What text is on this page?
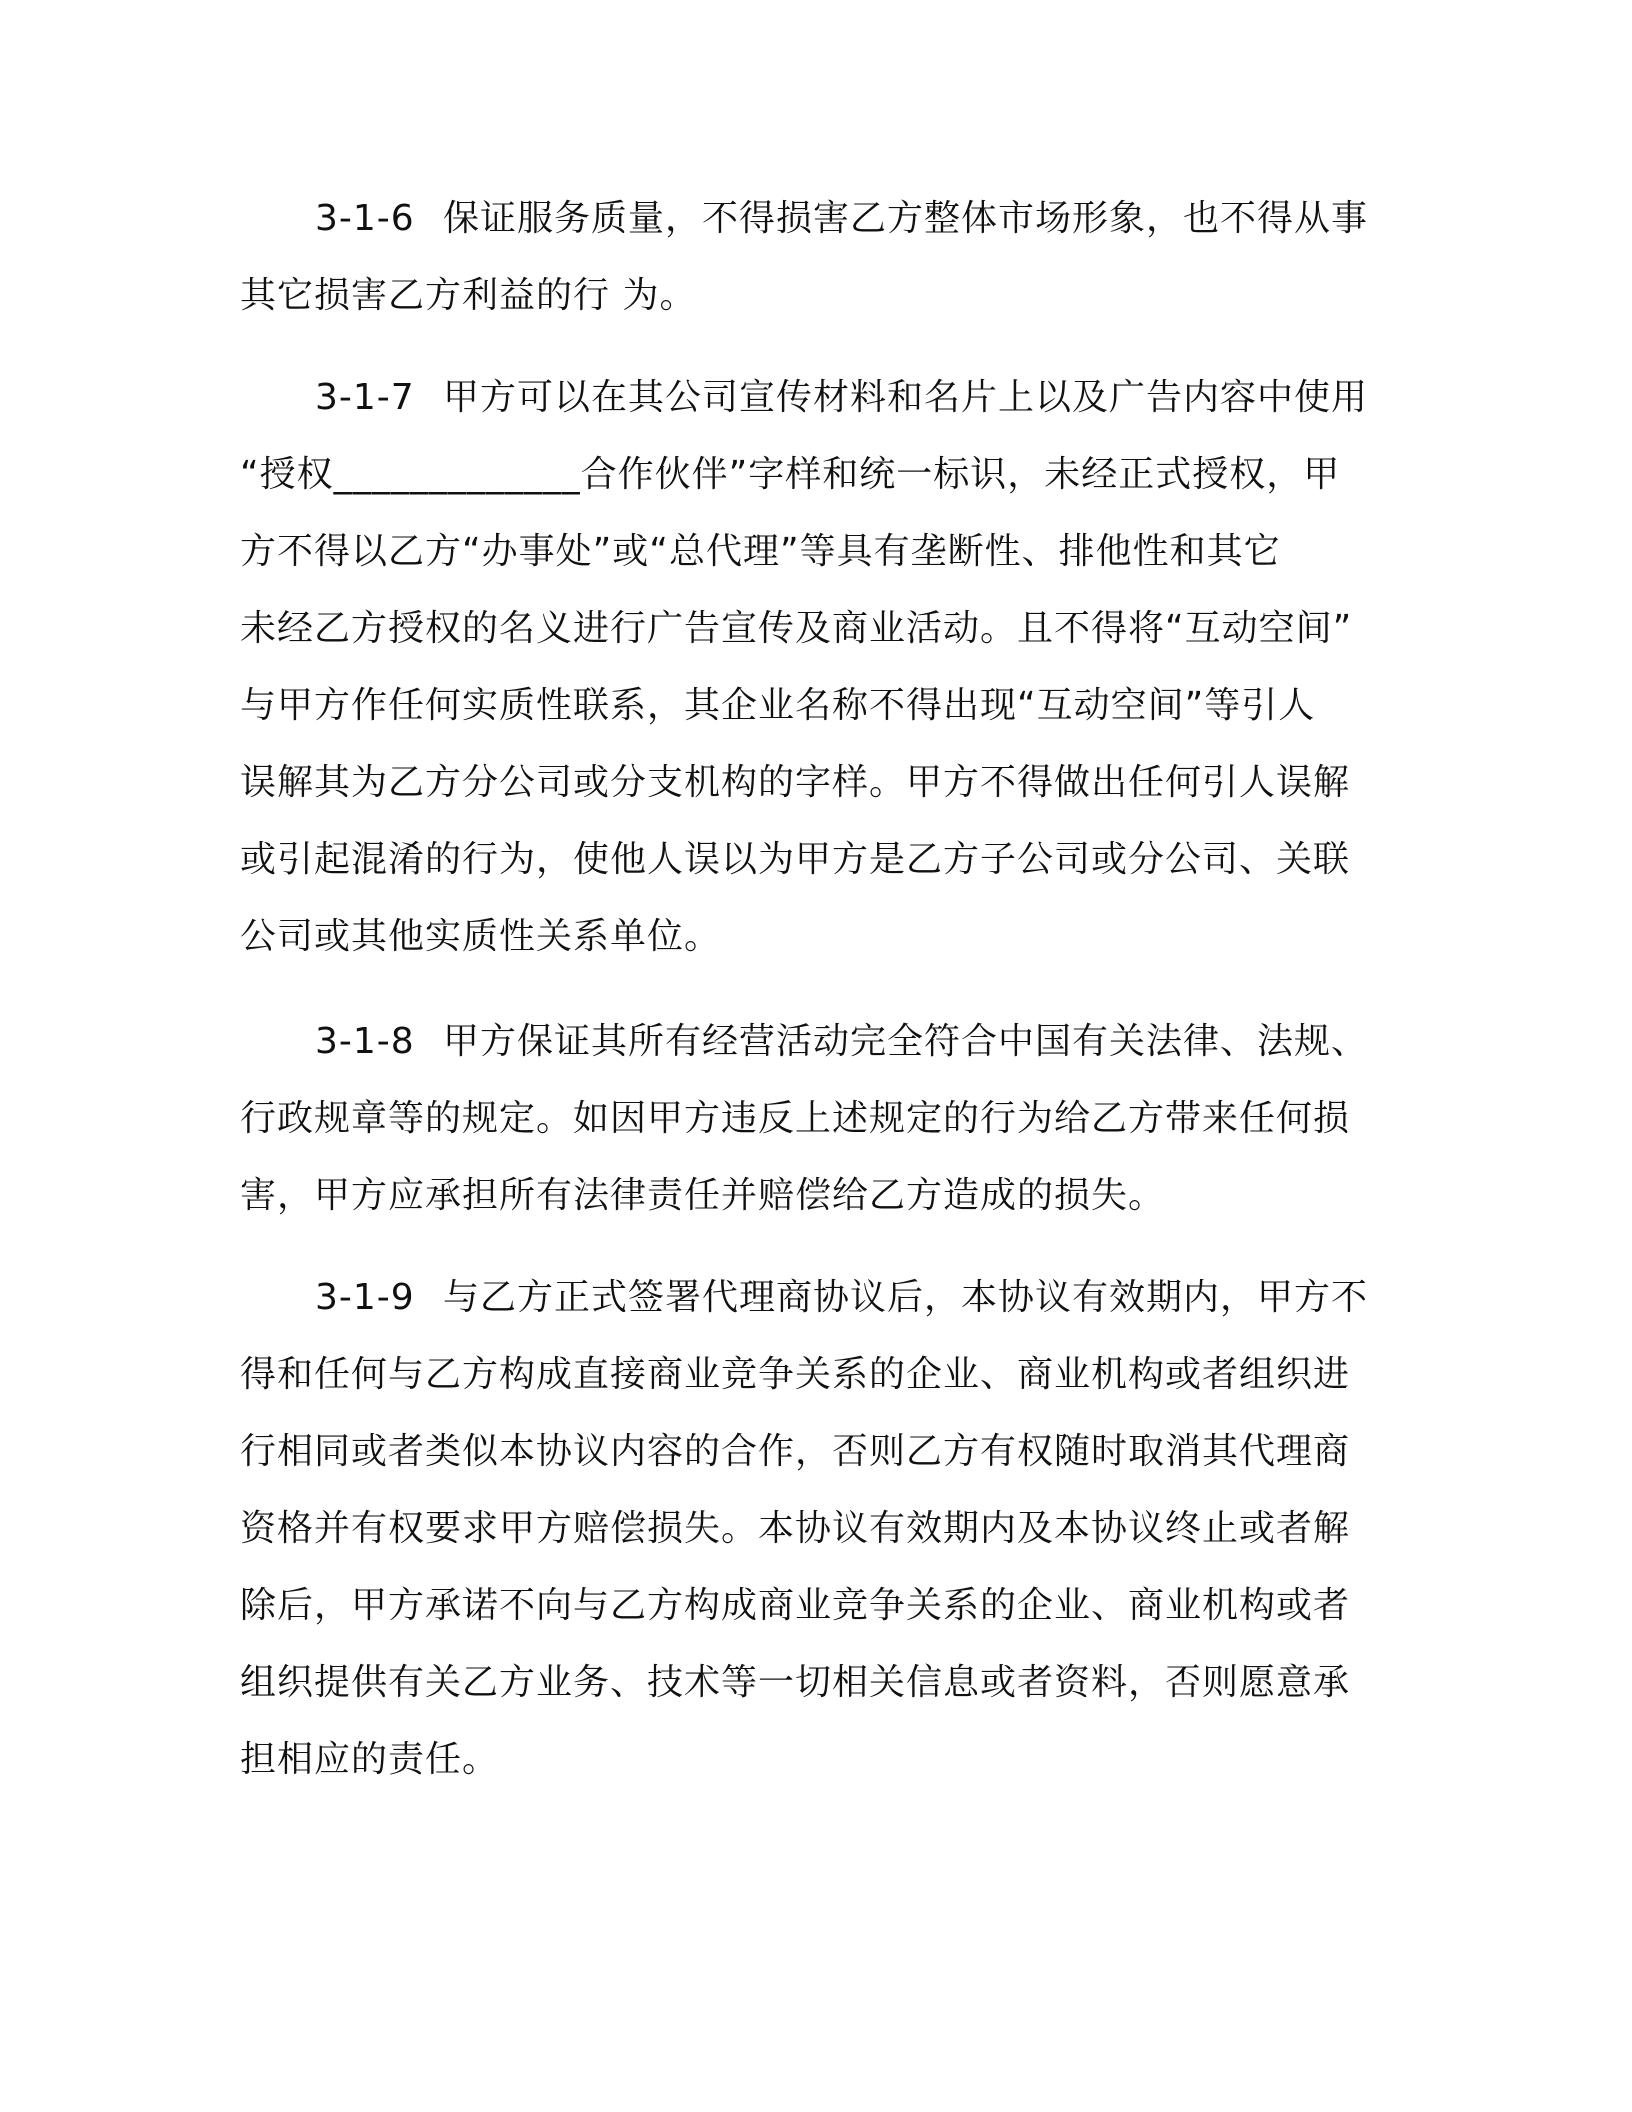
3-1-6 保证服务质量，不得损害乙方整体市场形象，也不得从事
其它损害乙方利益的行 为。
3-1-7 甲方可以在其公司宣传材料和名片上以及广告内容中使用
“授权_____________合作伙伴”字样和统一标识，未经正式授权，甲
方不得以乙方“办事处”或“总代理”等具有垄断性、排他性和其它
未经乙方授权的名义进行广告宣传及商业活动。且不得将“互动空间”
与甲方作任何实质性联系，其企业名称不得出现“互动空间”等引人
误解其为乙方分公司或分支机构的字样。甲方不得做出任何引人误解
或引起混淆的行为，使他人误以为甲方是乙方子公司或分公司、关联
公司或其他实质性关系单位。
3-1-8 甲方保证其所有经营活动完全符合中国有关法律、法规、
行政规章等的规定。如因甲方违反上述规定的行为给乙方带来任何损
害，甲方应承担所有法律责任并赔偿给乙方造成的损失。
3-1-9 与乙方正式签署代理商协议后，本协议有效期内，甲方不
得和任何与乙方构成直接商业竞争关系的企业、商业机构或者组织进
行相同或者类似本协议内容的合作，否则乙方有权随时取消其代理商
资格并有权要求甲方赔偿损失。本协议有效期内及本协议终止或者解
除后，甲方承诺不向与乙方构成商业竞争关系的企业、商业机构或者
组织提供有关乙方业务、技术等一切相关信息或者资料，否则愿意承
担相应的责任。
